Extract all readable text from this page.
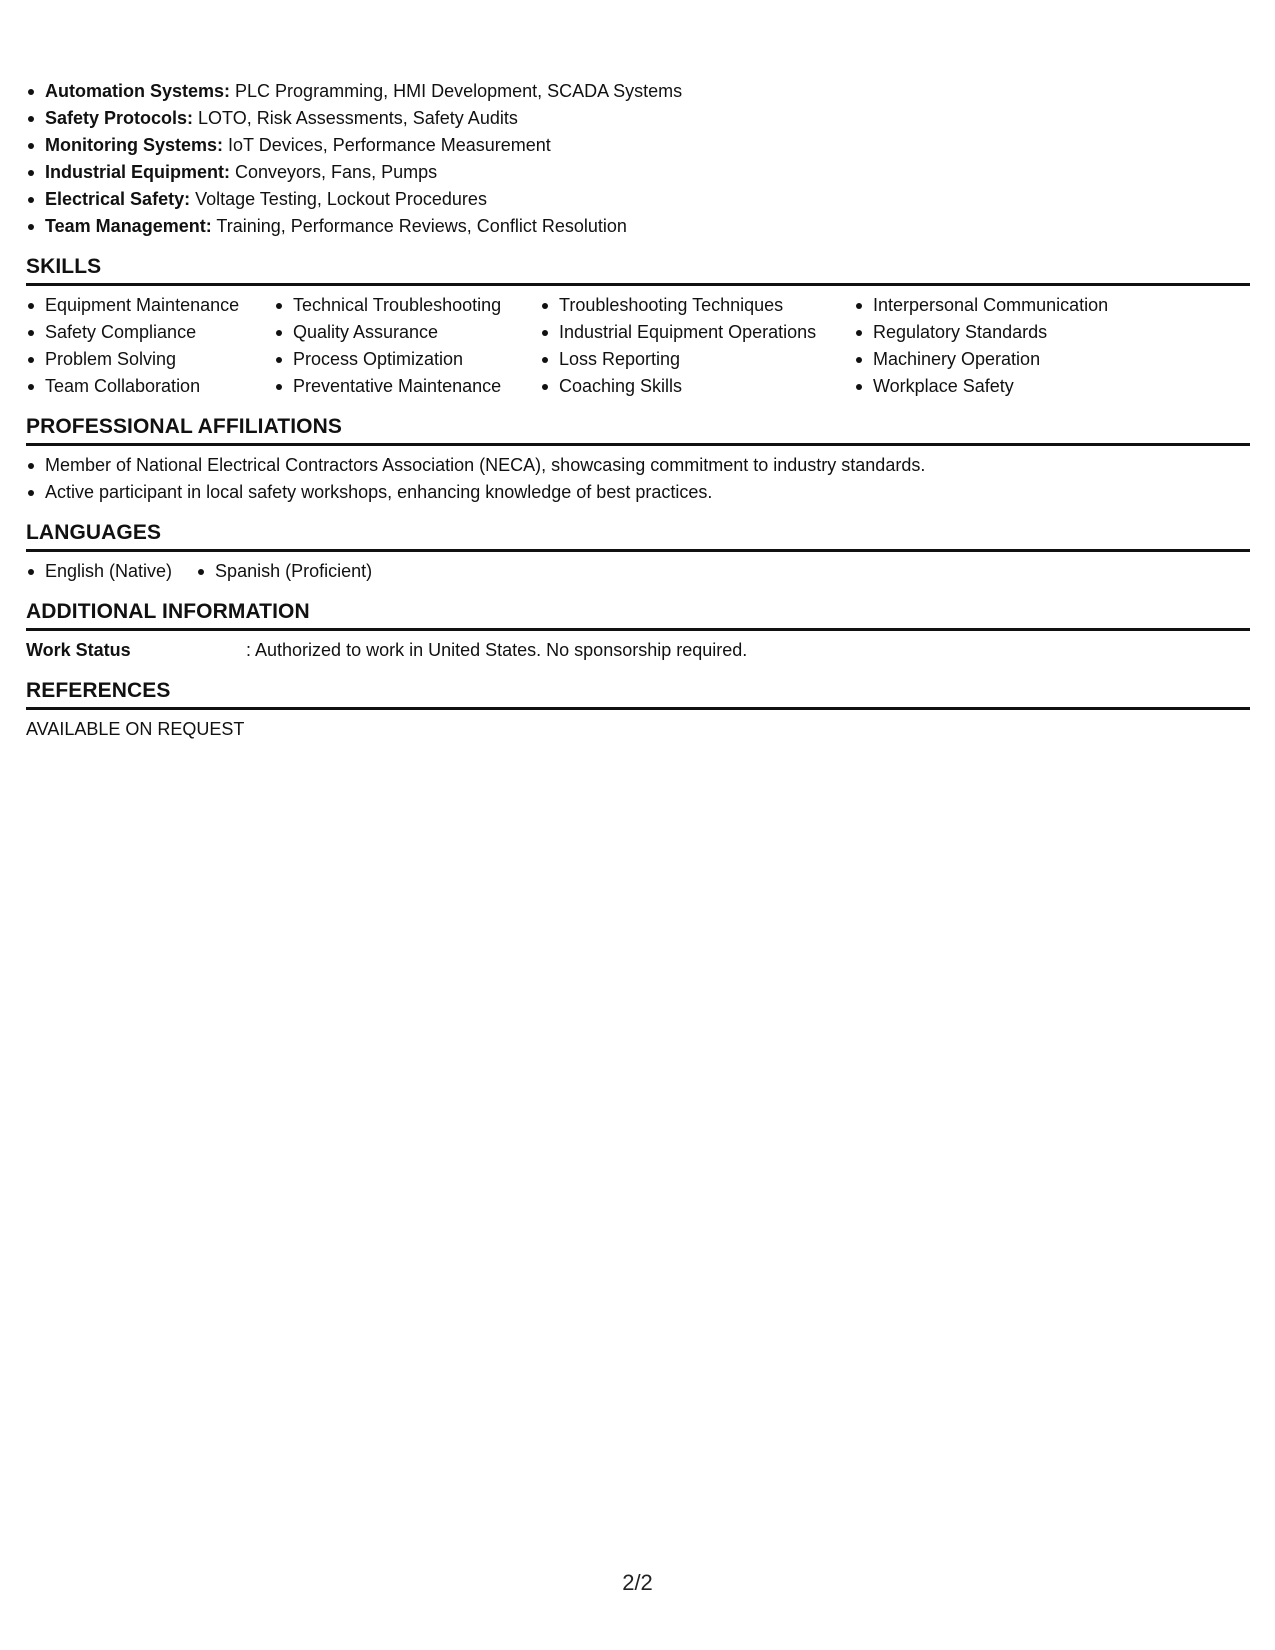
Automation Systems: PLC Programming, HMI Development, SCADA Systems
Safety Protocols: LOTO, Risk Assessments, Safety Audits
Monitoring Systems: IoT Devices, Performance Measurement
Industrial Equipment: Conveyors, Fans, Pumps
Electrical Safety: Voltage Testing, Lockout Procedures
Team Management: Training, Performance Reviews, Conflict Resolution
SKILLS
Equipment Maintenance
Safety Compliance
Problem Solving
Team Collaboration
Technical Troubleshooting
Quality Assurance
Process Optimization
Preventative Maintenance
Troubleshooting Techniques
Industrial Equipment Operations
Loss Reporting
Coaching Skills
Interpersonal Communication
Regulatory Standards
Machinery Operation
Workplace Safety
PROFESSIONAL AFFILIATIONS
Member of National Electrical Contractors Association (NECA), showcasing commitment to industry standards.
Active participant in local safety workshops, enhancing knowledge of best practices.
LANGUAGES
English (Native)	Spanish (Proficient)
ADDITIONAL INFORMATION
Work Status	: Authorized to work in United States. No sponsorship required.
REFERENCES
AVAILABLE ON REQUEST
2/2
